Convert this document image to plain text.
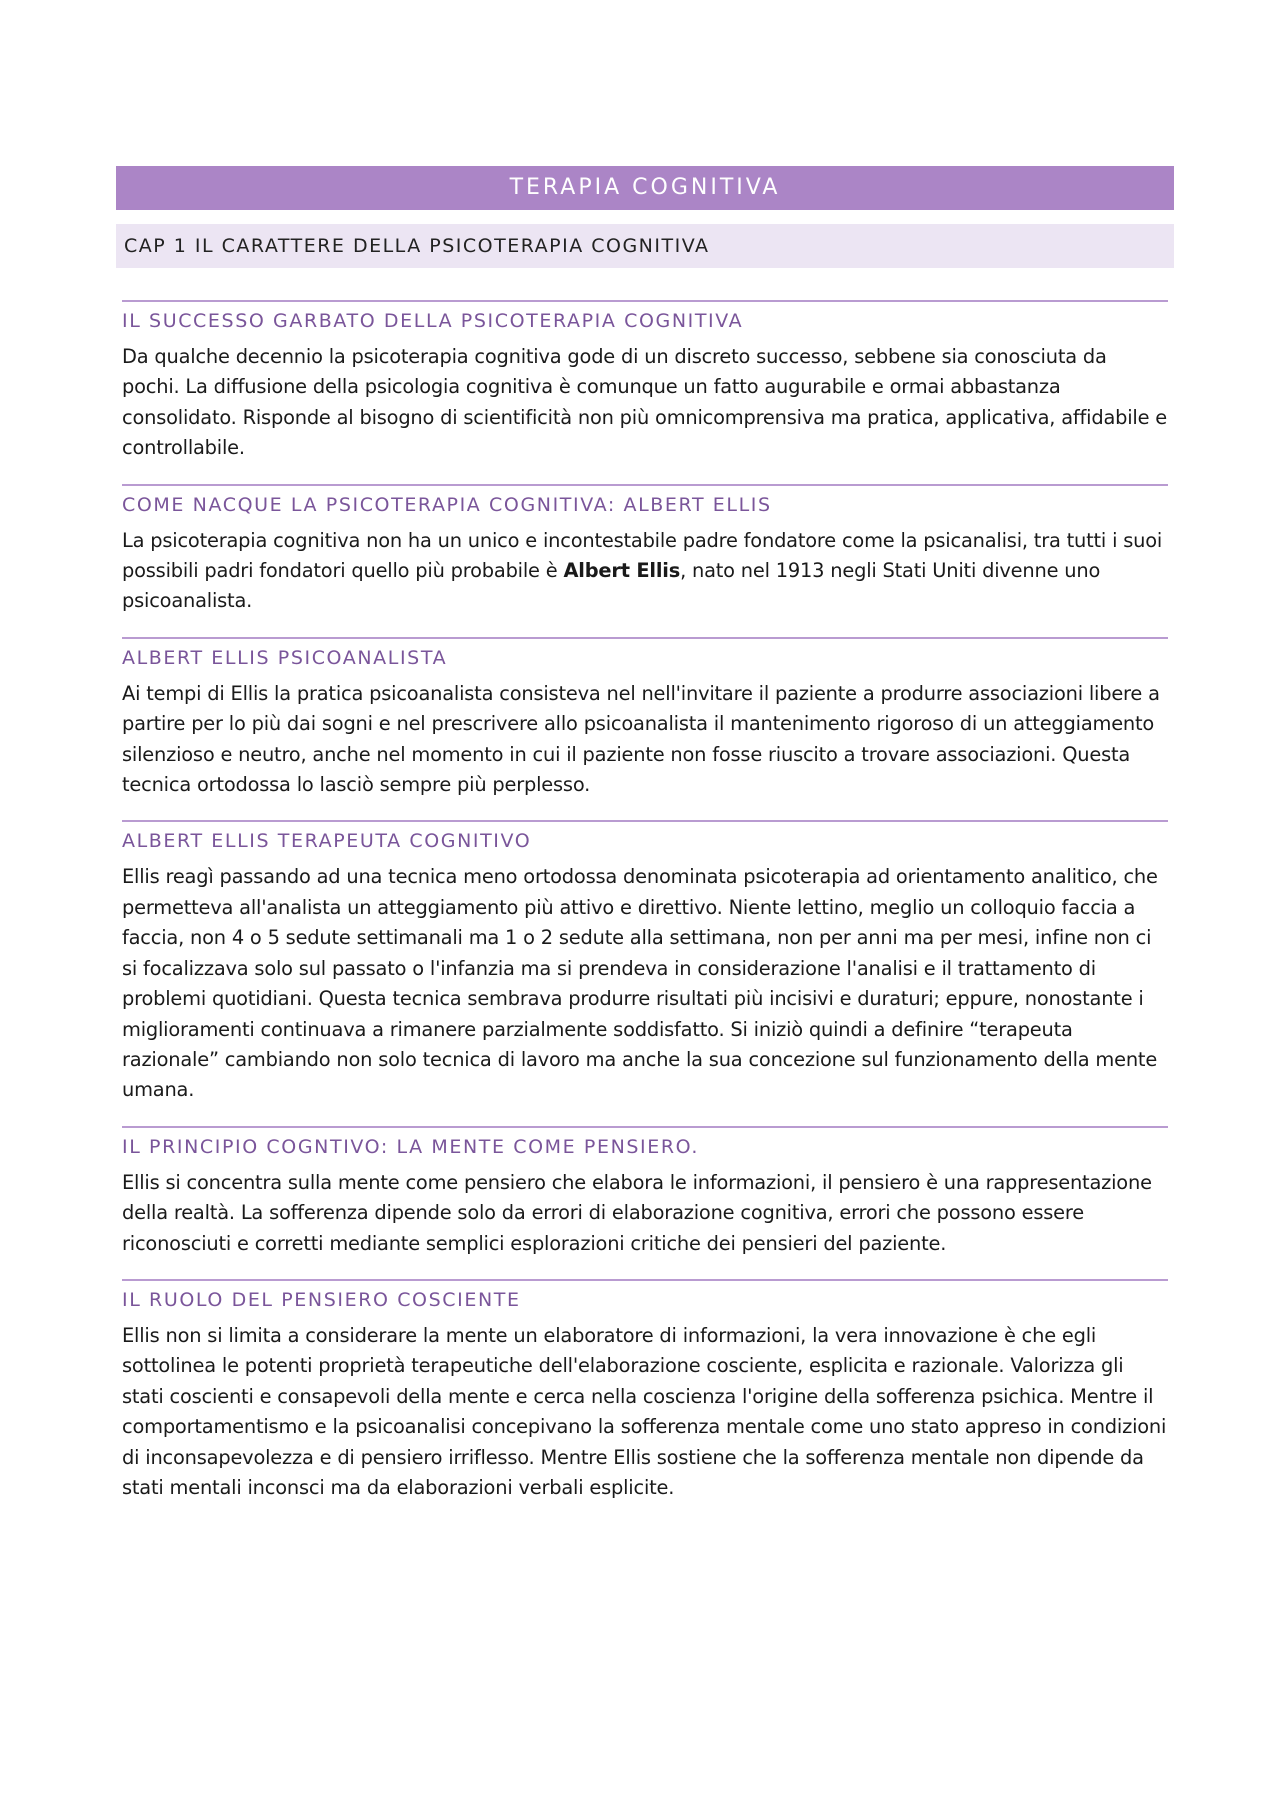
TERAPIA COGNITIVA
CAP 1 IL CARATTERE DELLA PSICOTERAPIA COGNITIVA
IL SUCCESSO GARBATO DELLA PSICOTERAPIA COGNITIVA
Da qualche decennio la psicoterapia cognitiva gode di un discreto successo, sebbene sia conosciuta da pochi. La diffusione della psicologia cognitiva è comunque un fatto augurabile e ormai abbastanza consolidato. Risponde al bisogno di scientificità non più omnicomprensiva ma pratica, applicativa, affidabile e controllabile.
COME NACQUE LA PSICOTERAPIA COGNITIVA: ALBERT ELLIS
La psicoterapia cognitiva non ha un unico e incontestabile padre fondatore come la psicanalisi, tra tutti i suoi possibili padri fondatori quello più probabile è Albert Ellis, nato nel 1913 negli Stati Uniti divenne uno psicoanalista.
ALBERT ELLIS PSICOANALISTA
Ai tempi di Ellis la pratica psicoanalista consisteva nel nell'invitare il paziente a produrre associazioni libere a partire per lo più dai sogni e nel prescrivere allo psicoanalista il mantenimento rigoroso di un atteggiamento silenzioso e neutro, anche nel momento in cui il paziente non fosse riuscito a trovare associazioni. Questa tecnica ortodossa lo lasciò sempre più perplesso.
ALBERT ELLIS TERAPEUTA COGNITIVO
Ellis reagì passando ad una tecnica meno ortodossa denominata psicoterapia ad orientamento analitico, che permetteva all'analista un atteggiamento più attivo e direttivo. Niente lettino, meglio un colloquio faccia a faccia, non 4 o 5 sedute settimanali ma 1 o 2 sedute alla settimana, non per anni ma per mesi, infine non ci si focalizzava solo sul passato o l'infanzia ma si prendeva in considerazione l'analisi e il trattamento di problemi quotidiani. Questa tecnica sembrava produrre risultati più incisivi e duraturi; eppure, nonostante i miglioramenti continuava a rimanere parzialmente soddisfatto. Si iniziò quindi a definire “terapeuta razionale” cambiando non solo tecnica di lavoro ma anche la sua concezione sul funzionamento della mente umana.
IL PRINCIPIO COGNTIVO: LA MENTE COME PENSIERO.
Ellis si concentra sulla mente come pensiero che elabora le informazioni, il pensiero è una rappresentazione della realtà. La sofferenza dipende solo da errori di elaborazione cognitiva, errori che possono essere riconosciuti e corretti mediante semplici esplorazioni critiche dei pensieri del paziente.
IL RUOLO DEL PENSIERO COSCIENTE
Ellis non si limita a considerare la mente un elaboratore di informazioni, la vera innovazione è che egli sottolinea le potenti proprietà terapeutiche dell'elaborazione cosciente, esplicita e razionale. Valorizza gli stati coscienti e consapevoli della mente e cerca nella coscienza l'origine della sofferenza psichica. Mentre il comportamentismo e la psicoanalisi concepivano la sofferenza mentale come uno stato appreso in condizioni di inconsapevolezza e di pensiero irriflesso. Mentre Ellis sostiene che la sofferenza mentale non dipende da stati mentali inconsci ma da elaborazioni verbali esplicite.
